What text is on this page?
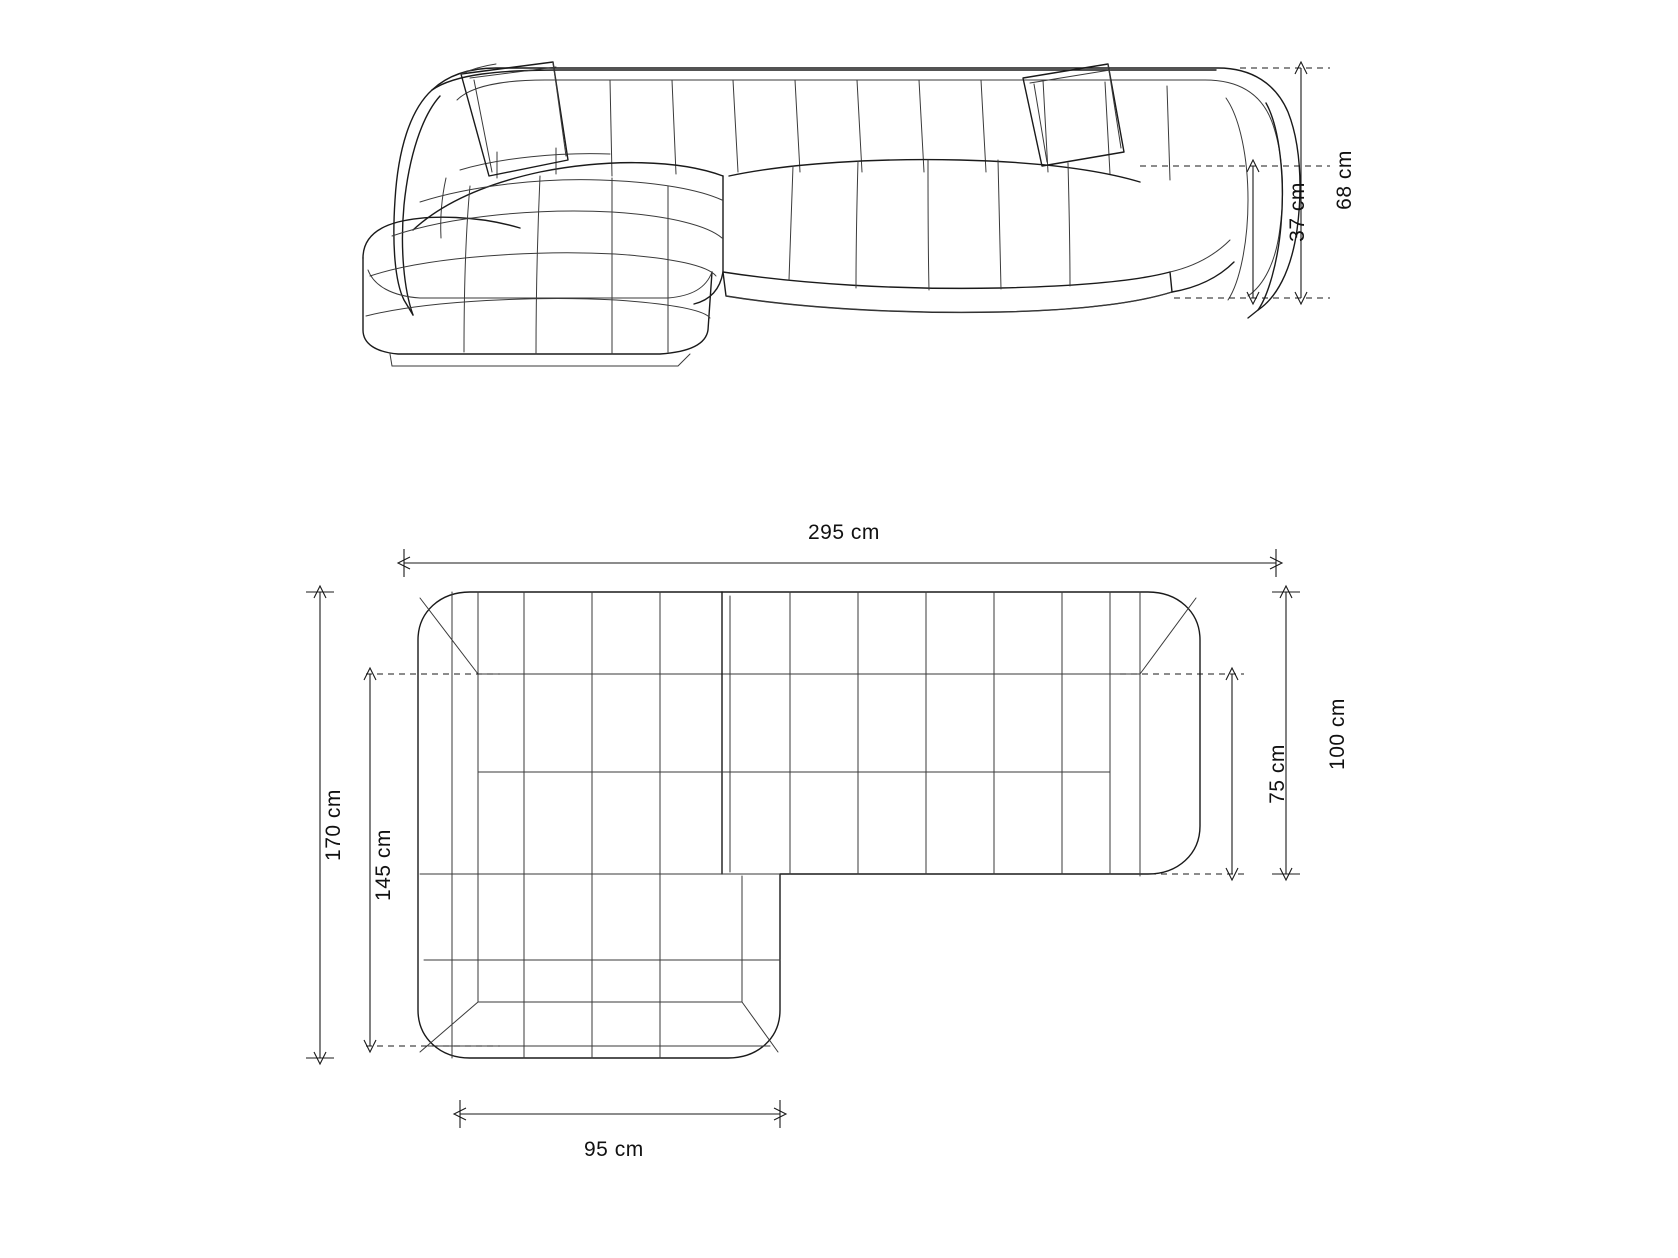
68 cm
37 cm
295 cm
170 cm
145 cm
100 cm
75 cm
95 cm
